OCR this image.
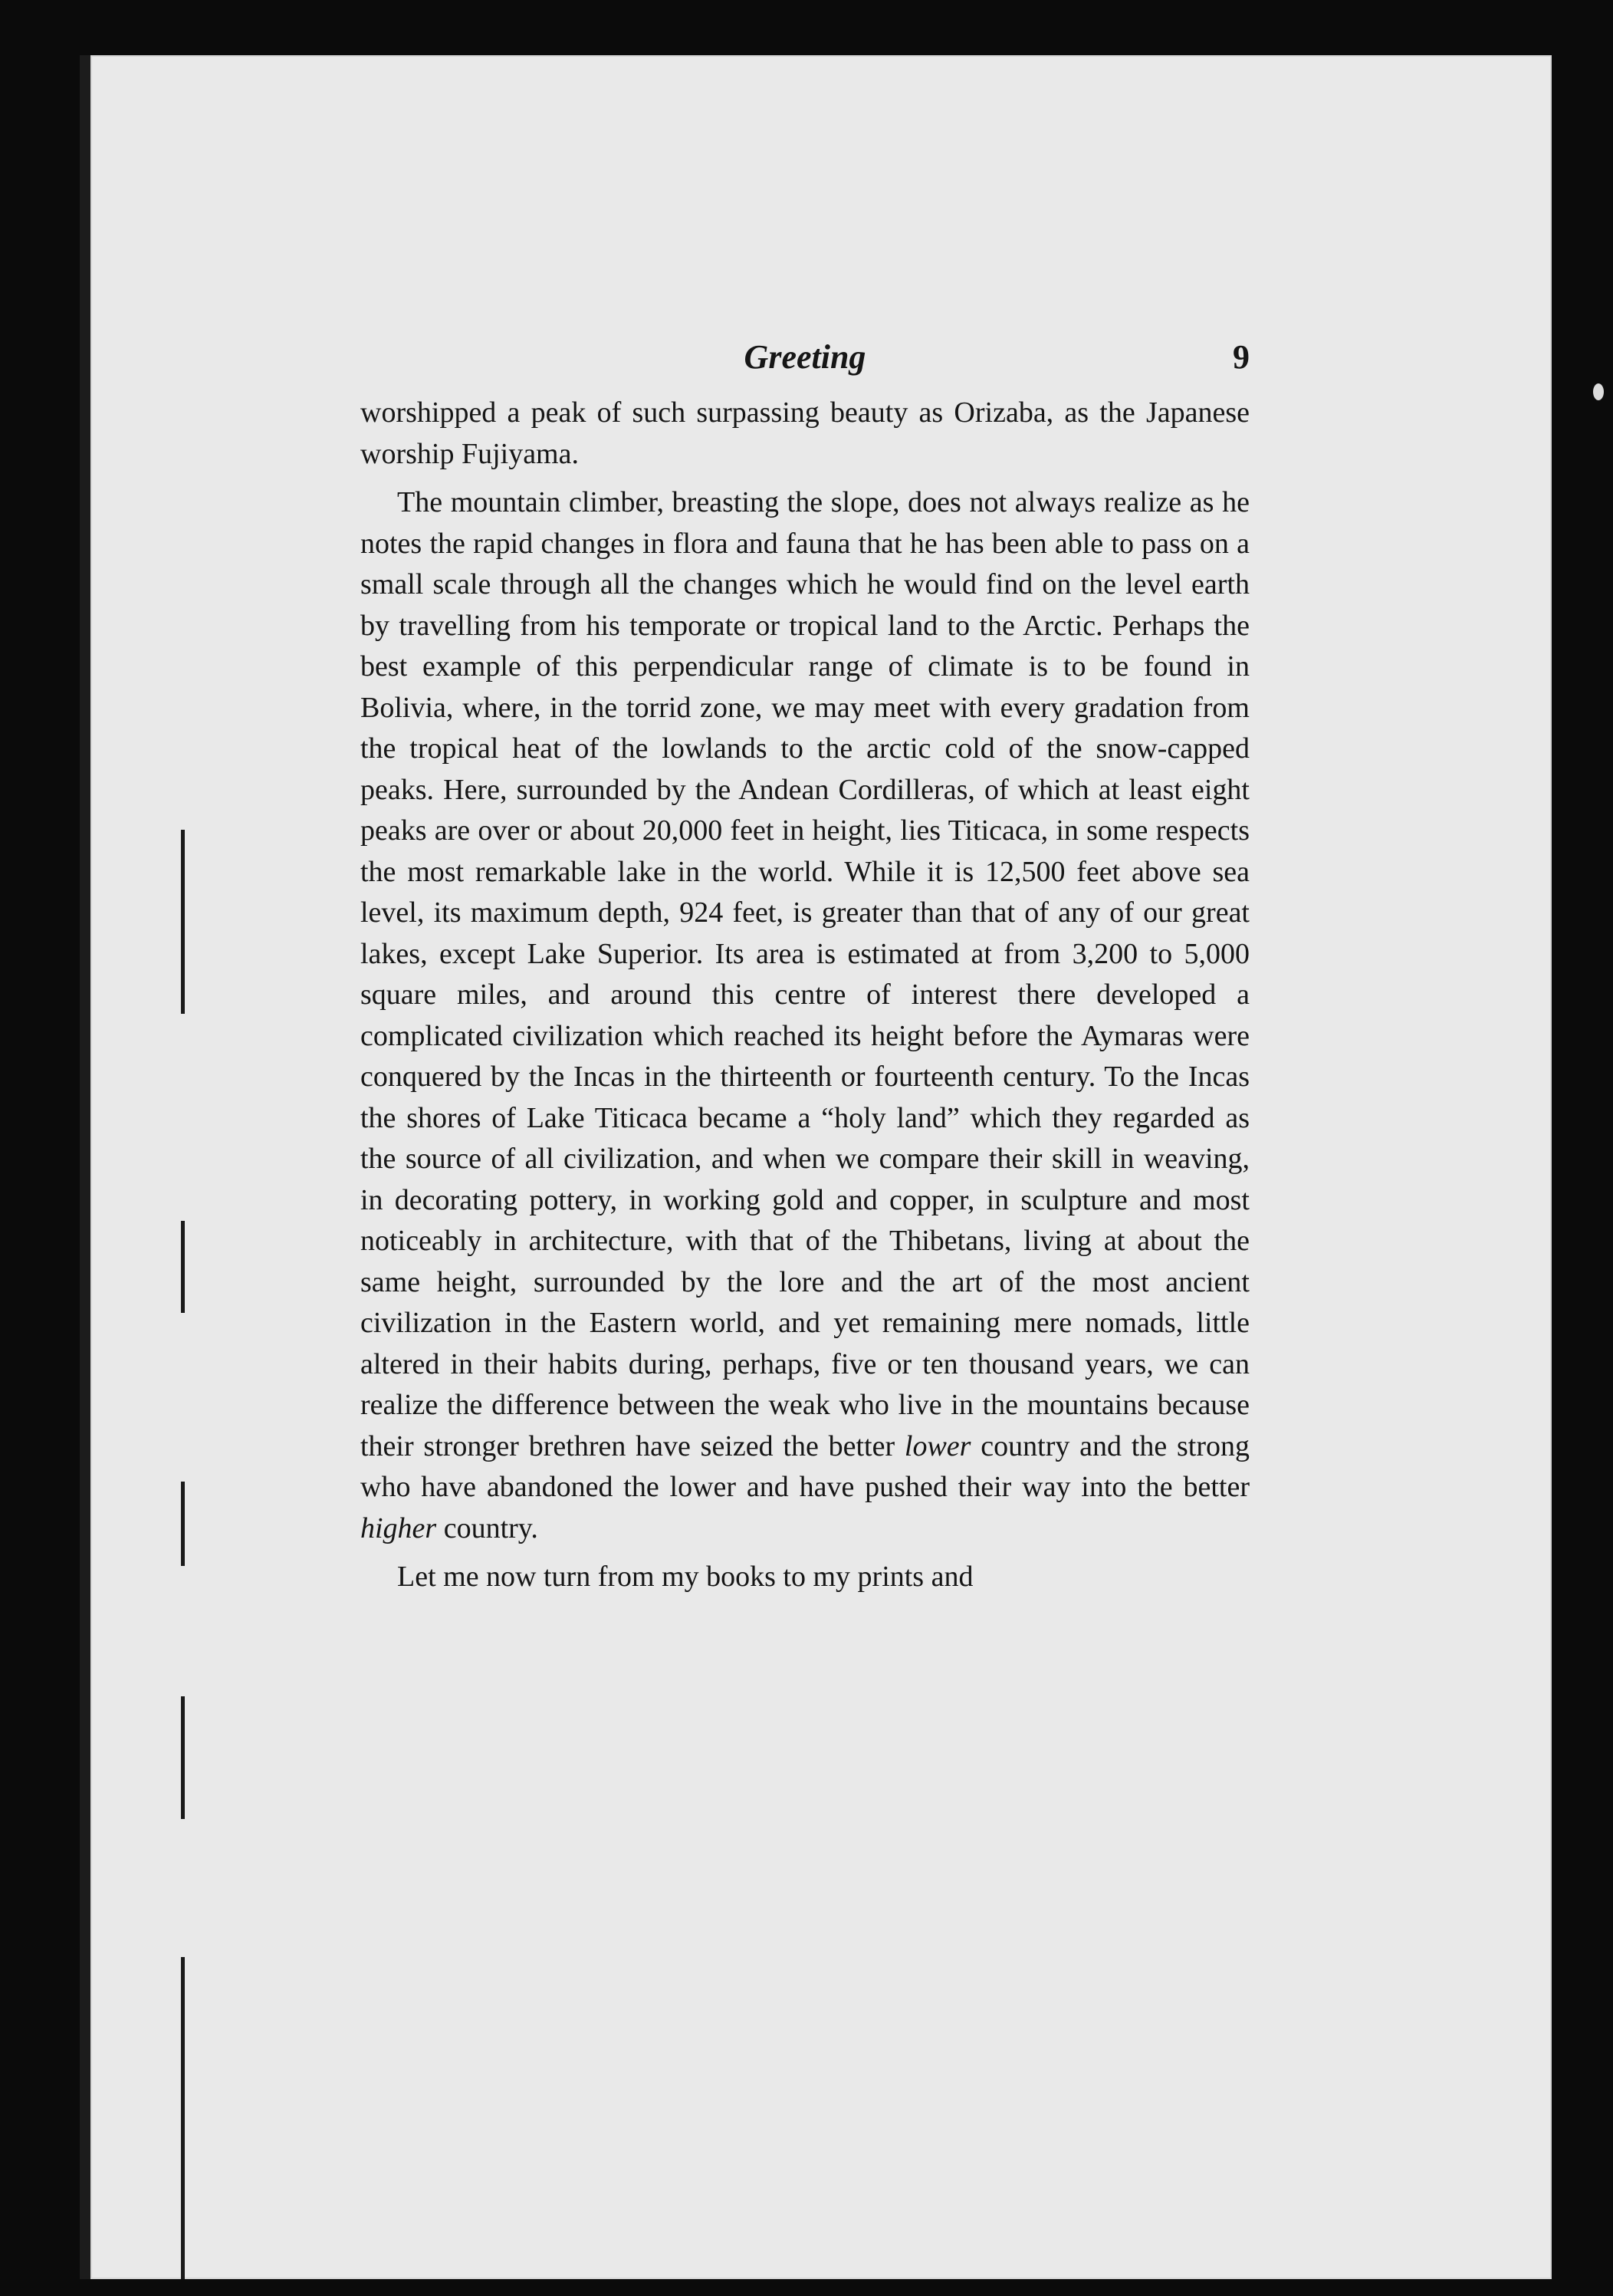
Greeting	9

worshipped a peak of such surpassing beauty as Orizaba, as the Japanese worship Fujiyama.

The mountain climber, breasting the slope, does not always realize as he notes the rapid changes in flora and fauna that he has been able to pass on a small scale through all the changes which he would find on the level earth by travelling from his temporate or tropical land to the Arctic. Perhaps the best example of this perpendicular range of climate is to be found in Bolivia, where, in the torrid zone, we may meet with every gradation from the tropical heat of the lowlands to the arctic cold of the snow-capped peaks. Here, surrounded by the Andean Cordilleras, of which at least eight peaks are over or about 20,000 feet in height, lies Titicaca, in some respects the most remarkable lake in the world. While it is 12,500 feet above sea level, its maximum depth, 924 feet, is greater than that of any of our great lakes, except Lake Superior. Its area is estimated at from 3,200 to 5,000 square miles, and around this centre of interest there developed a complicated civilization which reached its height before the Aymaras were conquered by the Incas in the thirteenth or fourteenth century. To the Incas the shores of Lake Titicaca became a “holy land” which they regarded as the source of all civilization, and when we compare their skill in weaving, in decorating pottery, in working gold and copper, in sculpture and most noticeably in architecture, with that of the Thibetans, living at about the same height, surrounded by the lore and the art of the most ancient civilization in the Eastern world, and yet remaining mere nomads, little altered in their habits during, perhaps, five or ten thousand years, we can realize the difference between the weak who live in the mountains because their stronger brethren have seized the better lower country and the strong who have abandoned the lower and have pushed their way into the better higher country.

Let me now turn from my books to my prints and
